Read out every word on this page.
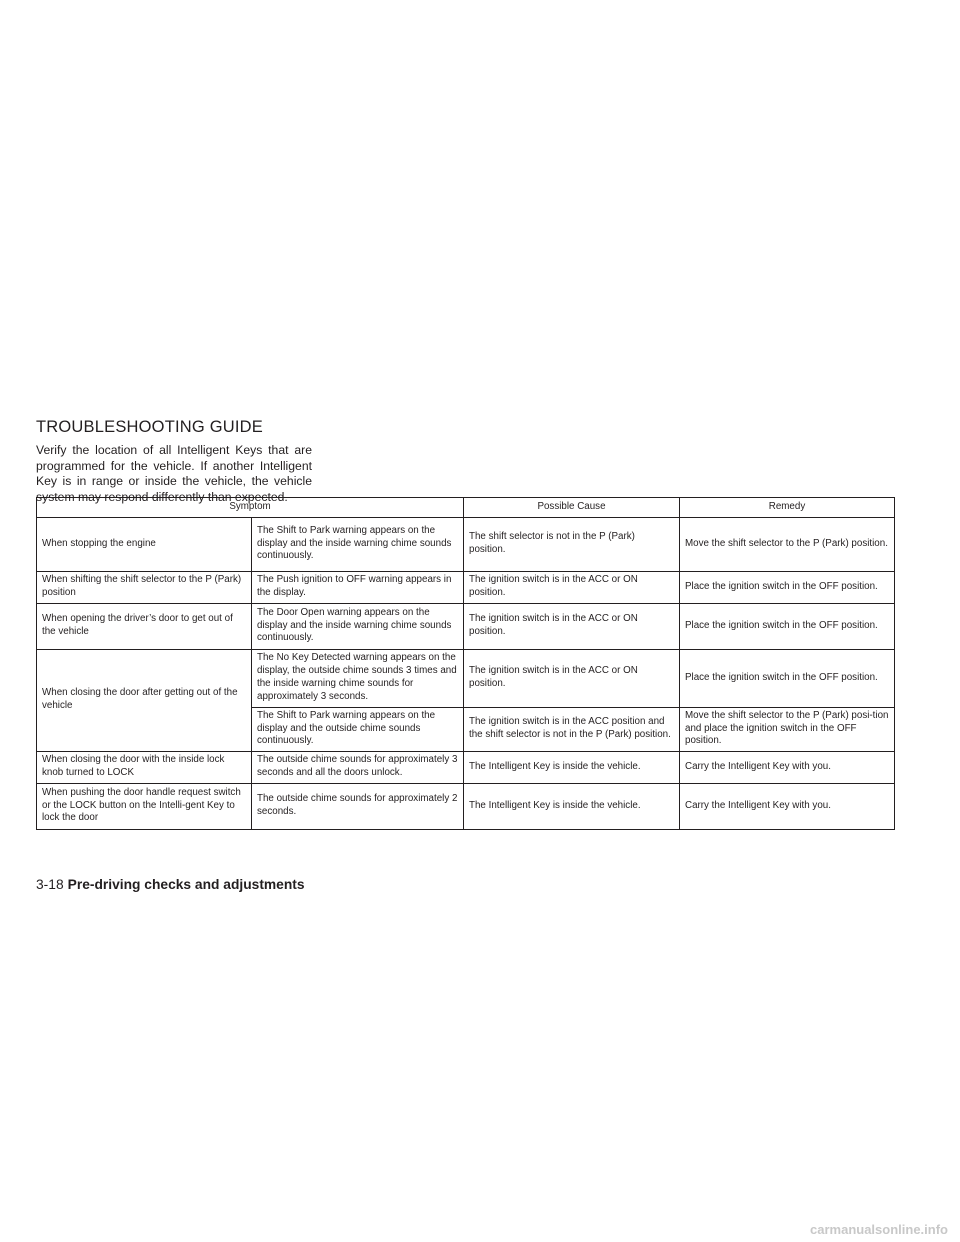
TROUBLESHOOTING GUIDE

Verify the location of all Intelligent Keys that are programmed for the vehicle. If another Intelligent Key is in range or inside the vehicle, the vehicle system may respond differently than expected.

Symptom		Possible Cause	Remedy
When stopping the engine	The Shift to Park warning appears on the display and the inside warning chime sounds continuously.	The shift selector is not in the P (Park) position.	Move the shift selector to the P (Park) position.
When shifting the shift selector to the P (Park) position	The Push ignition to OFF warning appears in the display.	The ignition switch is in the ACC or ON position.	Place the ignition switch in the OFF position.
When opening the driver’s door to get out of the vehicle	The Door Open warning appears on the display and the inside warning chime sounds continuously.	The ignition switch is in the ACC or ON position.	Place the ignition switch in the OFF position.
When closing the door after getting out of the vehicle	The No Key Detected warning appears on the display, the outside chime sounds 3 times and the inside warning chime sounds for approximately 3 seconds.	The ignition switch is in the ACC or ON position.	Place the ignition switch in the OFF position.
	The Shift to Park warning appears on the display and the outside chime sounds continuously.	The ignition switch is in the ACC position and the shift selector is not in the P (Park) position.	Move the shift selector to the P (Park) posi-tion and place the ignition switch in the OFF position.
When closing the door with the inside lock knob turned to LOCK	The outside chime sounds for approximately 3 seconds and all the doors unlock.	The Intelligent Key is inside the vehicle.	Carry the Intelligent Key with you.
When pushing the door handle request switch or the LOCK button on the Intelli-gent Key to lock the door	The outside chime sounds for approximately 2 seconds.	The Intelligent Key is inside the vehicle.	Carry the Intelligent Key with you.
3-18 Pre-driving checks and adjustments
carmanualsonline.info
